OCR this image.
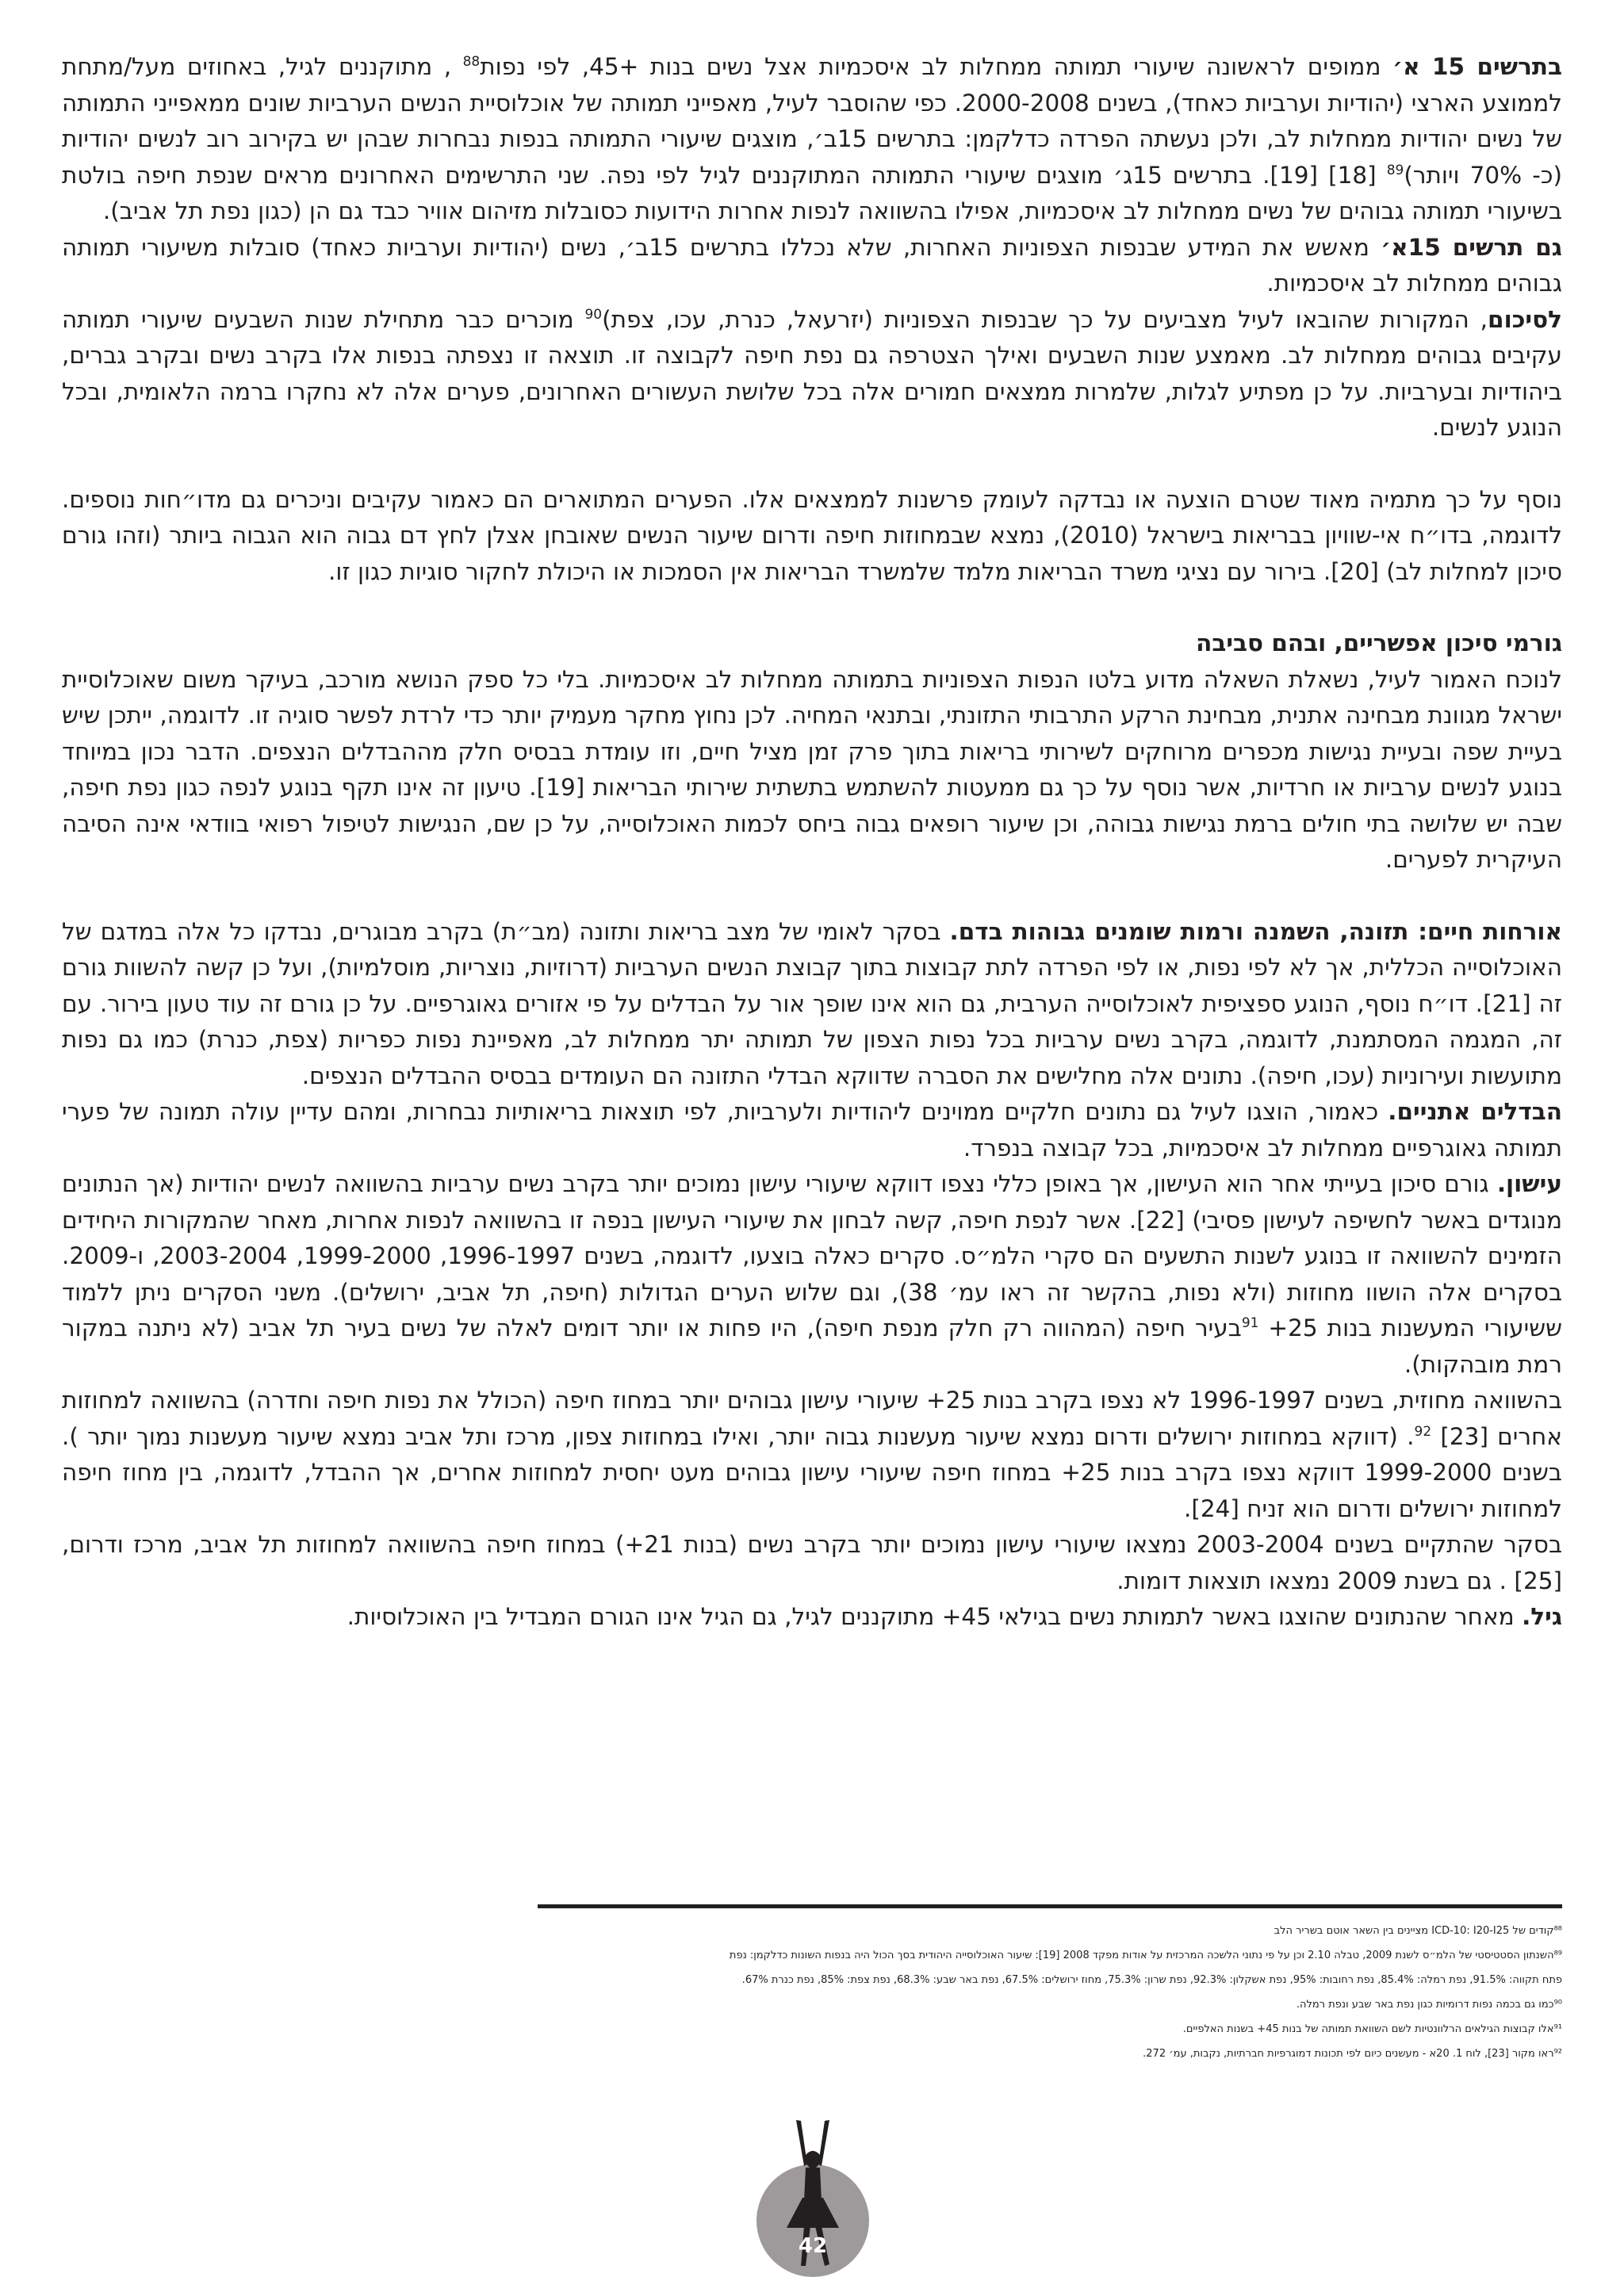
בתרשים 15 א׳ ממופים לראשונה שיעורי תמותה ממחלות לב איסכמיות אצל נשים בנות +45, לפי נפות$^{88}$ , מתוקננים לגיל, באחוזים מעל/מתחת לממוצע הארצי (יהודיות וערביות כאחד), בשנים 2000-2008. כפי שהוסבר לעיל, מאפייני תמותה של אוכלוסיית הנשים הערביות שונים ממאפייני התמותה של נשים יהודיות ממחלות לב, ולכן נעשתה הפרדה כדלקמן: בתרשים 15ב׳, מוצגים שיעורי התמותה בנפות נבחרות שבהן יש בקירוב רוב לנשים יהודיות (כ- 70% ויותר)$^{89}$ [18] [19]. בתרשים 15ג׳ מוצגים שיעורי התמותה המתוקננים לגיל לפי נפה. שני התרשימים האחרונים מראים שנפת חיפה בולטת בשיעורי תמותה גבוהים של נשים ממחלות לב איסכמיות, אפילו בהשוואה לנפות אחרות הידועות כסובלות מזיהום אוויר כבד גם הן (כגון נפת תל אביב).

גם תרשים 15א׳ מאשש את המידע שבנפות הצפוניות האחרות, שלא נכללו בתרשים 15ב׳, נשים (יהודיות וערביות כאחד) סובלות משיעורי תמותה גבוהים ממחלות לב איסכמיות.

לסיכום, המקורות שהובאו לעיל מצביעים על כך שבנפות הצפוניות (יזרעאל, כנרת, עכו, צפת)$^{90}$ מוכרים כבר מתחילת שנות השבעים שיעורי תמותה עקיבים גבוהים ממחלות לב. מאמצע שנות השבעים ואילך הצטרפה גם נפת חיפה לקבוצה זו. תוצאה זו נצפתה בנפות אלו בקרב נשים ובקרב גברים, ביהודיות ובערביות. על כן מפתיע לגלות, שלמרות ממצאים חמורים אלה בכל שלושת העשורים האחרונים, פערים אלה לא נחקרו ברמה הלאומית, ובכל הנוגע לנשים.

נוסף על כך מתמיה מאוד שטרם הוצעה או נבדקה לעומק פרשנות לממצאים אלו. הפערים המתוארים הם כאמור עקיבים וניכרים גם מדו״חות נוספים. לדוגמה, בדו״ח אי-שוויון בבריאות בישראל (2010), נמצא שבמחוזות חיפה ודרום שיעור הנשים שאובחן אצלן לחץ דם גבוה הוא הגבוה ביותר (וזהו גורם סיכון למחלות לב) [20]. בירור עם נציגי משרד הבריאות מלמד שלמשרד הבריאות אין הסמכות או היכולת לחקור סוגיות כגון זו.

גורמי סיכון אפשריים, ובהם סביבה

לנוכח האמור לעיל, נשאלת השאלה מדוע בלטו הנפות הצפוניות בתמותה ממחלות לב איסכמיות. בלי כל ספק הנושא מורכב, בעיקר משום שאוכלוסיית ישראל מגוונת מבחינה אתנית, מבחינת הרקע התרבותי התזונתי, ובתנאי המחיה. לכן נחוץ מחקר מעמיק יותר כדי לרדת לפשר סוגיה זו. לדוגמה, ייתכן שיש בעיית שפה ובעיית נגישות מכפרים מרוחקים לשירותי בריאות בתוך פרק זמן מציל חיים, וזו עומדת בבסיס חלק מההבדלים הנצפים. הדבר נכון במיוחד בנוגע לנשים ערביות או חרדיות, אשר נוסף על כך גם ממעטות להשתמש בתשתית שירותי הבריאות [19]. טיעון זה אינו תקף בנוגע לנפה כגון נפת חיפה, שבה יש שלושה בתי חולים ברמת נגישות גבוהה, וכן שיעור רופאים גבוה ביחס לכמות האוכלוסייה, על כן שם, הנגישות לטיפול רפואי בוודאי אינה הסיבה העיקרית לפערים.

אורחות חיים: תזונה, השמנה ורמות שומנים גבוהות בדם. בסקר לאומי של מצב בריאות ותזונה (מב״ת) בקרב מבוגרים, נבדקו כל אלה במדגם של האוכלוסייה הכללית, אך לא לפי נפות, או לפי הפרדה לתת קבוצות בתוך קבוצת הנשים הערביות (דרוזיות, נוצריות, מוסלמיות), ועל כן קשה להשוות גורם זה [21]. דו״ח נוסף, הנוגע ספציפית לאוכלוסייה הערבית, גם הוא אינו שופך אור על הבדלים על פי אזורים גאוגרפיים. על כן גורם זה עוד טעון בירור. עם זה, המגמה המסתמנת, לדוגמה, בקרב נשים ערביות בכל נפות הצפון של תמותה יתר ממחלות לב, מאפיינת נפות כפריות (צפת, כנרת) כמו גם נפות מתועשות ועירוניות (עכו, חיפה). נתונים אלה מחלישים את הסברה שדווקא הבדלי התזונה הם העומדים בבסיס ההבדלים הנצפים.

הבדלים אתניים. כאמור, הוצגו לעיל גם נתונים חלקיים ממוינים ליהודיות ולערביות, לפי תוצאות בריאותיות נבחרות, ומהם עדיין עולה תמונה של פערי תמותה גאוגרפיים ממחלות לב איסכמיות, בכל קבוצה בנפרד.

עישון. גורם סיכון בעייתי אחר הוא העישון, אך באופן כללי נצפו דווקא שיעורי עישון נמוכים יותר בקרב נשים ערביות בהשוואה לנשים יהודיות (אך הנתונים מנוגדים באשר לחשיפה לעישון פסיבי) [22]. אשר לנפת חיפה, קשה לבחון את שיעורי העישון בנפה זו בהשוואה לנפות אחרות, מאחר שהמקורות היחידים הזמינים להשוואה זו בנוגע לשנות התשעים הם סקרי הלמ״ס. סקרים כאלה בוצעו, לדוגמה, בשנים 1996-1997, 1999-2000, 2003-2004, ו-2009. בסקרים אלה הושוו מחוזות (ולא נפות, בהקשר זה ראו עמ׳ 38), וגם שלוש הערים הגדולות (חיפה, תל אביב, ירושלים). משני הסקרים ניתן ללמוד ששיעורי המעשנות בנות 25+ $^{91}$בעיר חיפה (המהווה רק חלק מנפת חיפה), היו פחות או יותר דומים לאלה של נשים בעיר תל אביב (לא ניתנה במקור רמת מובהקות).

בהשוואה מחוזית, בשנים 1996-1997 לא נצפו בקרב בנות 25+ שיעורי עישון גבוהים יותר במחוז חיפה (הכולל את נפות חיפה וחדרה) בהשוואה למחוזות אחרים [23] $^{92}$. (דווקא במחוזות ירושלים ודרום נמצא שיעור מעשנות גבוה יותר, ואילו במחוזות צפון, מרכז ותל אביב נמצא שיעור מעשנות נמוך יותר ). בשנים 1999-2000 דווקא נצפו בקרב בנות 25+ במחוז חיפה שיעורי עישון גבוהים מעט יחסית למחוזות אחרים, אך ההבדל, לדוגמה, בין מחוז חיפה למחוזות ירושלים ודרום הוא זניח [24].

בסקר שהתקיים בשנים 2003-2004 נמצאו שיעורי עישון נמוכים יותר בקרב נשים (בנות 21+) במחוז חיפה בהשוואה למחוזות תל אביב, מרכז ודרום, [25] . גם בשנת 2009 נמצאו תוצאות דומות.

גיל. מאחר שהנתונים שהוצגו באשר לתמותת נשים בגילאי 45+ מתוקננים לגיל, גם הגיל אינו הגורם המבדיל בין האוכלוסיות.

⁸⁸קודים של ICD-10: I20-I25 מציינים בין השאר אוטם בשריר הלב

⁸⁹השנתון הסטטיסטי של הלמ״ס לשנת 2009, טבלה 2.10 וכן על פי נתוני הלשכה המרכזית על אודות מפקד 2008 [19]: שיעור האוכלוסייה היהודית בסך הכול היה בנפות השונות כדלקמן: נפת

פתח תקווה: 91.5%, נפת רמלה: 85.4%, נפת רחובות: 95%, נפת אשקלון: 92.3%, נפת שרון: 75.3%, מחוז ירושלים: 67.5%, נפת באר שבע: 68.3%, נפת צפת: 85%, נפת כנרת 67%.

⁹⁰כמו גם בכמה נפות דרומיות כגון נפת באר שבע ונפת רמלה.

⁹¹אלו קבוצות הגילאים הרלוונטיות לשם השוואת תמותה של בנות 45+ בשנות האלפיים.

⁹²ראו מקור [23], לוח 1. 20א - מעשנים כיום לפי תכונות דמוגרפיות חברתיות, נקבות, עמ׳ 272.

42
